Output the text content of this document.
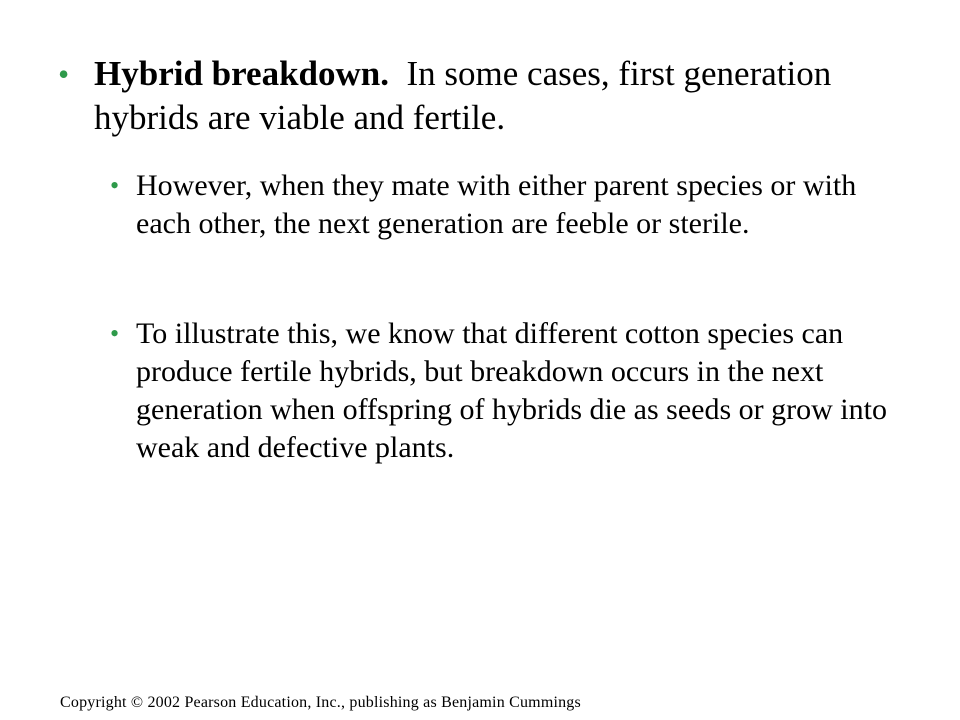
• Hybrid breakdown.  In some cases, first generation hybrids are viable and fertile.
• However, when they mate with either parent species or with each other, the next generation are feeble or sterile.
• To illustrate this, we know that different cotton species can produce fertile hybrids, but breakdown occurs in the next generation when offspring of hybrids die as seeds or grow into weak and defective plants.
Copyright © 2002 Pearson Education, Inc., publishing as Benjamin Cummings
